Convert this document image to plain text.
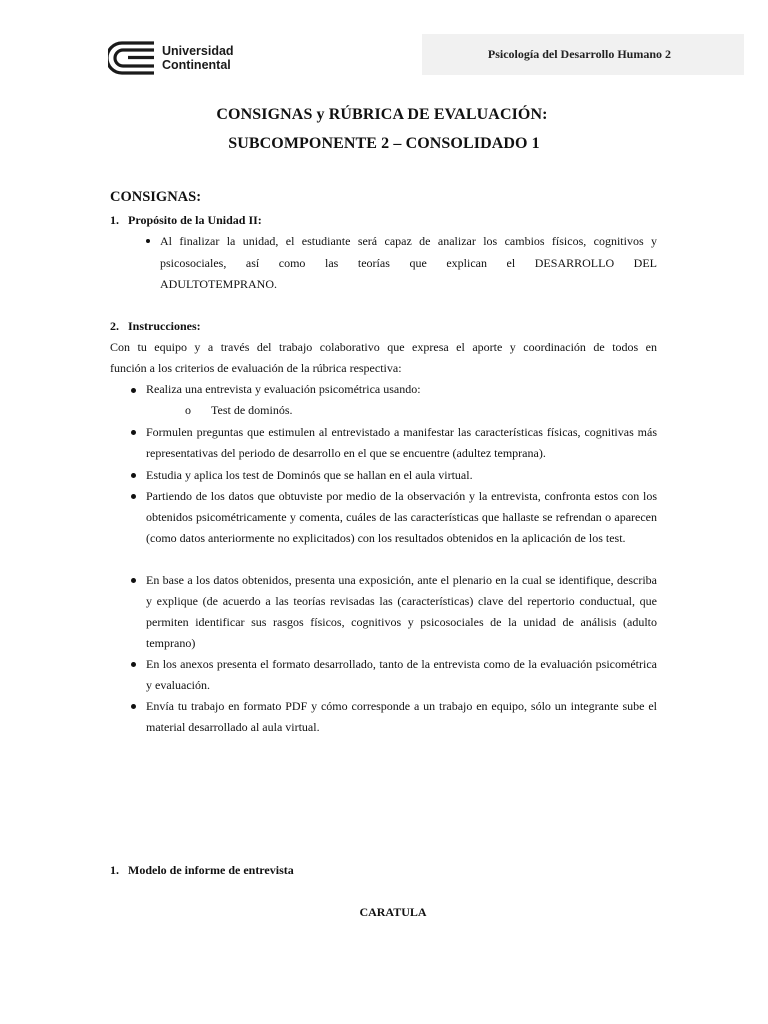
Universidad
Continental
Psicología del Desarrollo Humano 2
CONSIGNAS y RÚBRICA DE EVALUACIÓN:
SUBCOMPONENTE 2 – CONSOLIDADO 1
CONSIGNAS:
1. Propósito de la Unidad II:
Al finalizar la unidad, el estudiante será capaz de analizar los cambios físicos, cognitivos y
psicosociales, así como las teorías que explican el DESARROLLO DEL
ADULTOTEMPRANO.
2. Instrucciones:
Con tu equipo y a través del trabajo colaborativo que expresa el aporte y coordinación de todos en
función a los criterios de evaluación de la rúbrica respectiva:
Realiza una entrevista y evaluación psicométrica usando:
o Test de dominós.
Formulen preguntas que estimulen al entrevistado a manifestar las características físicas, cognitivas más representativas del periodo de desarrollo en el que se encuentre (adultez temprana).
Estudia y aplica los test de Dominós que se hallan en el aula virtual.
Partiendo de los datos que obtuviste por medio de la observación y la entrevista, confronta estos con los obtenidos psicométricamente y comenta, cuáles de las características que hallaste se refrendan o aparecen (como datos anteriormente no explicitados) con los resultados obtenidos en la aplicación de los test.
En base a los datos obtenidos, presenta una exposición, ante el plenario en la cual se identifique, describa y explique (de acuerdo a las teorías revisadas las (características) clave del repertorio conductual, que permiten identificar sus rasgos físicos, cognitivos y psicosociales de la unidad de análisis (adulto temprano)
En los anexos presenta el formato desarrollado, tanto de la entrevista como de la evaluación psicométrica y evaluación.
Envía tu trabajo en formato PDF y cómo corresponde a un trabajo en equipo, sólo un integrante sube el material desarrollado al aula virtual.
1. Modelo de informe de entrevista
CARATULA
